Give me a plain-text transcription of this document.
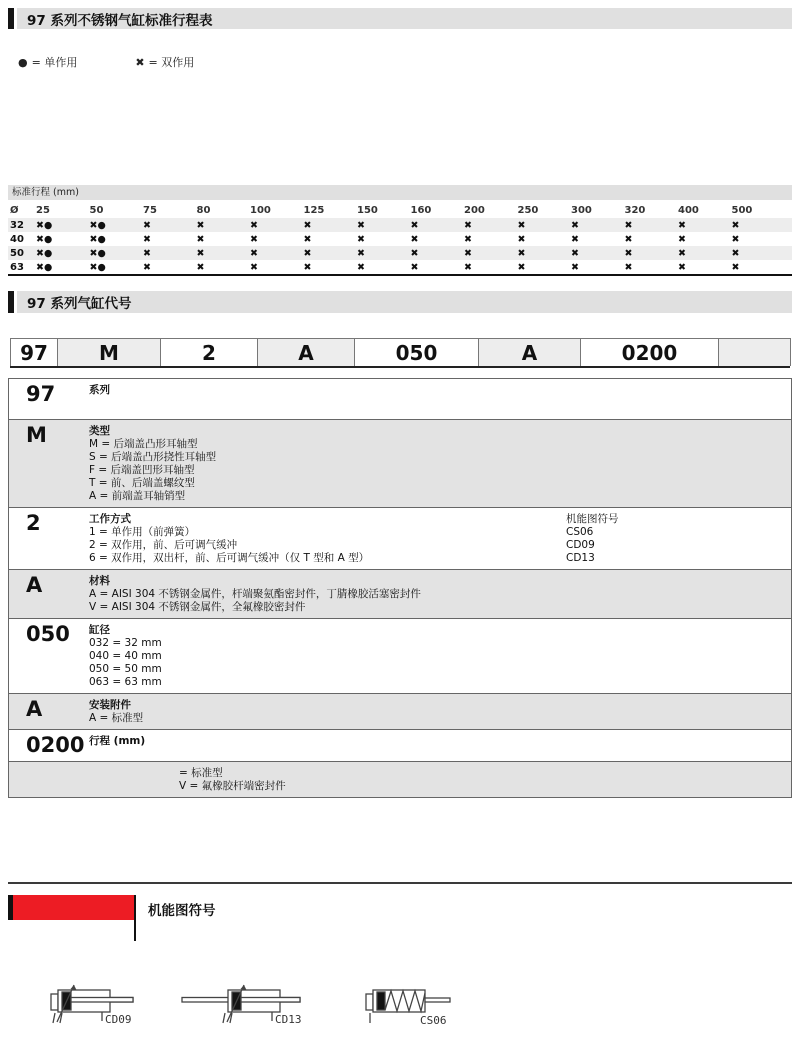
97 系列不锈钢气缸标准行程表
● = 单作用	✖ = 双作用
标准行程 (mm)
Ø	25	50	75	80	100	125	150	160	200	250	300	320	400	500
32	✖●	✖●	✖	✖	✖	✖	✖	✖	✖	✖	✖	✖	✖	✖
40	✖●	✖●	✖	✖	✖	✖	✖	✖	✖	✖	✖	✖	✖	✖
50	✖●	✖●	✖	✖	✖	✖	✖	✖	✖	✖	✖	✖	✖	✖
63	✖●	✖●	✖	✖	✖	✖	✖	✖	✖	✖	✖	✖	✖	✖
97 系列气缸代号
97	M	2	A	050	A	0200
97	系列
M	类型
M = 后端盖凸形耳轴型
S = 后端盖凸形挠性耳轴型
F = 后端盖凹形耳轴型
T = 前、后端盖螺纹型
A = 前端盖耳轴销型
2	工作方式
1 = 单作用（前弹簧）
2 = 双作用，前、后可调气缓冲
6 = 双作用，双出杆，前、后可调气缓冲（仅 T 型和 A 型）
机能图符号
CS06
CD09
CD13
A	材料
A = AISI 304 不锈钢金属件，杆端聚氨酯密封件，丁腈橡胶活塞密封件
V = AISI 304 不锈钢金属件，全氟橡胶密封件
050	缸径
032 = 32 mm
040 = 40 mm
050 = 50 mm
063 = 63 mm
A	安装附件
A = 标准型
0200 行程 (mm)
= 标准型
V = 氟橡胶杆端密封件
机能图符号
CD09	CD13	CS06
